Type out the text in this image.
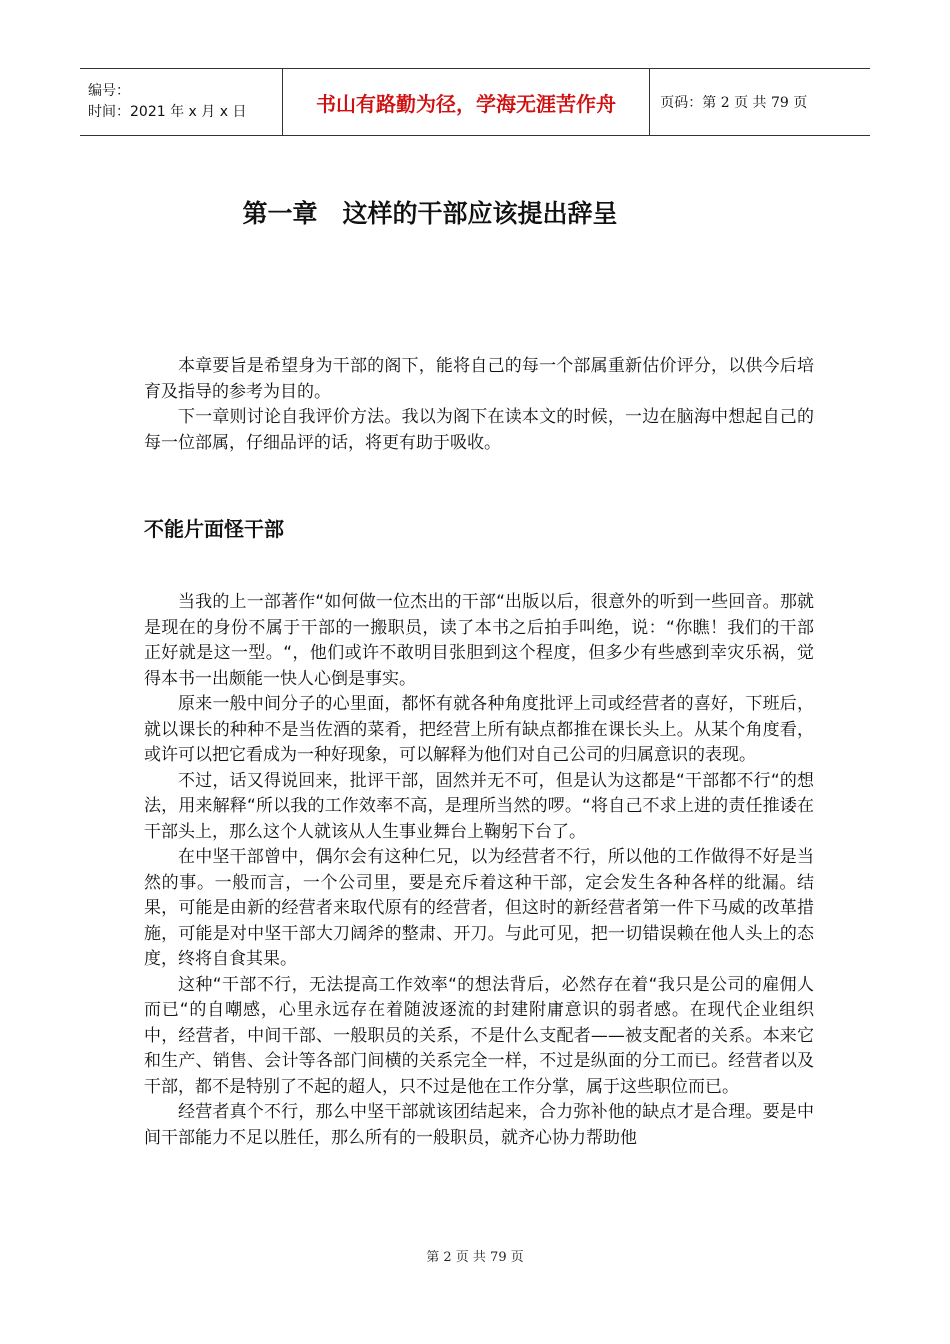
编号：
时间：2021 年 x 月 x 日	书山有路勤为径，学海无涯苦作舟	页码：第 2 页 共 79 页
第一章　这样的干部应该提出辞呈

本章要旨是希望身为干部的阁下，能将自己的每一个部属重新估价评分，以供今后培育及指导的参考为目的。

下一章则讨论自我评价方法。我以为阁下在读本文的时候，一边在脑海中想起自己的每一位部属，仔细品评的话，将更有助于吸收。

不能片面怪干部

当我的上一部著作“如何做一位杰出的干部“出版以后，很意外的听到一些回音。那就是现在的身份不属于干部的一搬职员，读了本书之后拍手叫绝，说：“你瞧！我们的干部正好就是这一型。“，他们或许不敢明目张胆到这个程度，但多少有些感到幸灾乐祸，觉得本书一出颇能一快人心倒是事实。

原来一般中间分子的心里面，都怀有就各种角度批评上司或经营者的喜好，下班后，就以课长的种种不是当佐酒的菜肴，把经营上所有缺点都推在课长头上。从某个角度看，或许可以把它看成为一种好现象，可以解释为他们对自己公司的归属意识的表现。

不过，话又得说回来，批评干部，固然并无不可，但是认为这都是“干部都不行“的想法，用来解释“所以我的工作效率不高，是理所当然的啰。“将自己不求上进的责任推诿在干部头上，那么这个人就该从人生事业舞台上鞠躬下台了。

在中坚干部曾中，偶尔会有这种仁兄，以为经营者不行，所以他的工作做得不好是当然的事。一般而言，一个公司里，要是充斥着这种干部，定会发生各种各样的纰漏。结果，可能是由新的经营者来取代原有的经营者，但这时的新经营者第一件下马威的改革措施，可能是对中坚干部大刀阔斧的整肃、开刀。与此可见，把一切错误赖在他人头上的态度，终将自食其果。

这种“干部不行，无法提高工作效率“的想法背后，必然存在着“我只是公司的雇佣人而已“的自嘲感，心里永远存在着随波逐流的封建附庸意识的弱者感。在现代企业组织中，经营者，中间干部、一般职员的关系，不是什么支配者——被支配者的关系。本来它和生产、销售、会计等各部门间横的关系完全一样，不过是纵面的分工而已。经营者以及干部，都不是特别了不起的超人，只不过是他在工作分掌，属于这些职位而已。

经营者真个不行，那么中坚干部就该团结起来，合力弥补他的缺点才是合理。要是中间干部能力不足以胜任，那么所有的一般职员，就齐心协力帮助他

第 2 页 共 79 页
